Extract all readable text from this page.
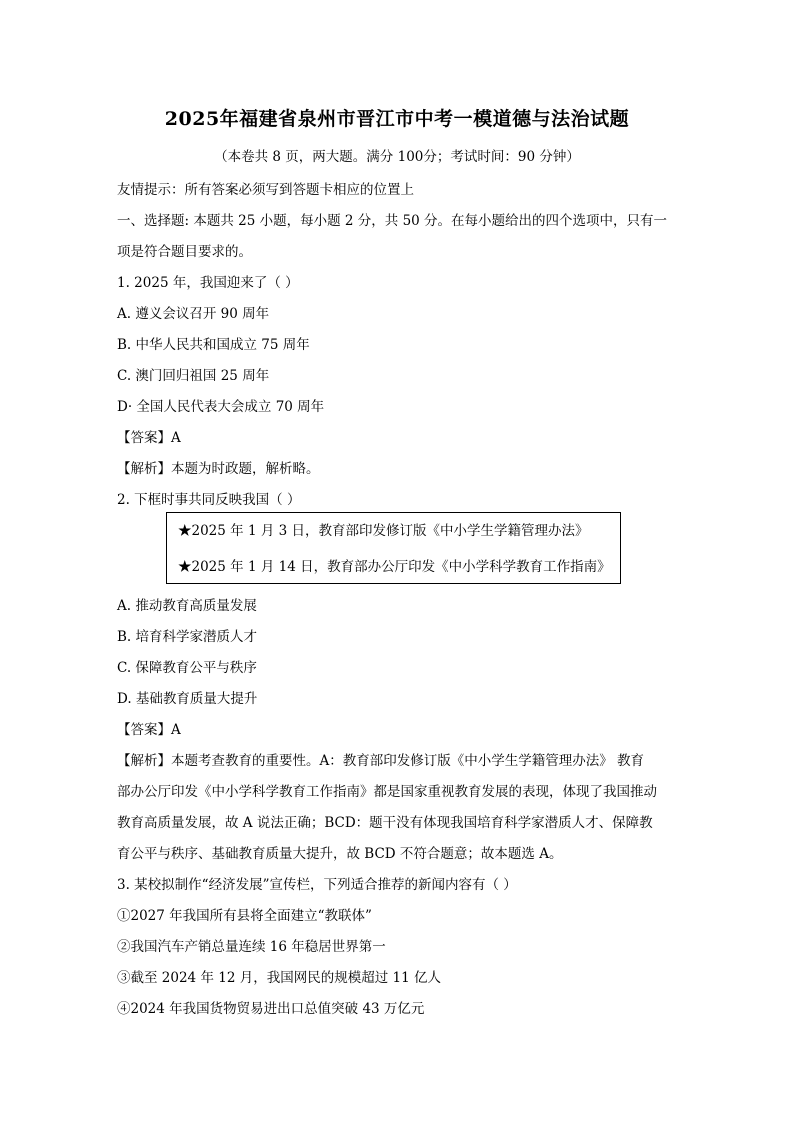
2025年福建省泉州市晋江市中考一模道德与法治试题
（本卷共 8 页，两大题。满分 100分；考试时间：90 分钟）
友情提示：所有答案必须写到答题卡相应的位置上
一、选择题: 本题共 25 小题，每小题 2 分，共 50 分。在每小题给出的四个选项中，只有一
项是符合题目要求的。
1. 2025 年，我国迎来了（ ）
A. 遵义会议召开 90 周年
B. 中华人民共和国成立 75 周年
C. 澳门回归祖国 25 周年
D· 全国人民代表大会成立 70 周年
【答案】A
【解析】本题为时政题，解析略。
2. 下框时事共同反映我国（ ）
★2025 年 1 月 3 日，教育部印发修订版《中小学生学籍管理办法》
★2025 年 1 月 14 日，教育部办公厅印发《中小学科学教育工作指南》
A. 推动教育高质量发展
B. 培育科学家潜质人才
C. 保障教育公平与秩序
D. 基础教育质量大提升
【答案】A
【解析】本题考查教育的重要性。A：教育部印发修订版《中小学生学籍管理办法》 教育
部办公厅印发《中小学科学教育工作指南》都是国家重视教育发展的表现，体现了我国推动
教育高质量发展，故 A 说法正确；BCD：题干没有体现我国培育科学家潜质人才、保障教
育公平与秩序、基础教育质量大提升，故 BCD 不符合题意；故本题选 A。
3. 某校拟制作“经济发展”宣传栏，下列适合推荐的新闻内容有（ ）
①2027 年我国所有县将全面建立“教联体”
②我国汽车产销总量连续 16 年稳居世界第一
③截至 2024 年 12 月，我国网民的规模超过 11 亿人
④2024 年我国货物贸易进出口总值突破 43 万亿元
